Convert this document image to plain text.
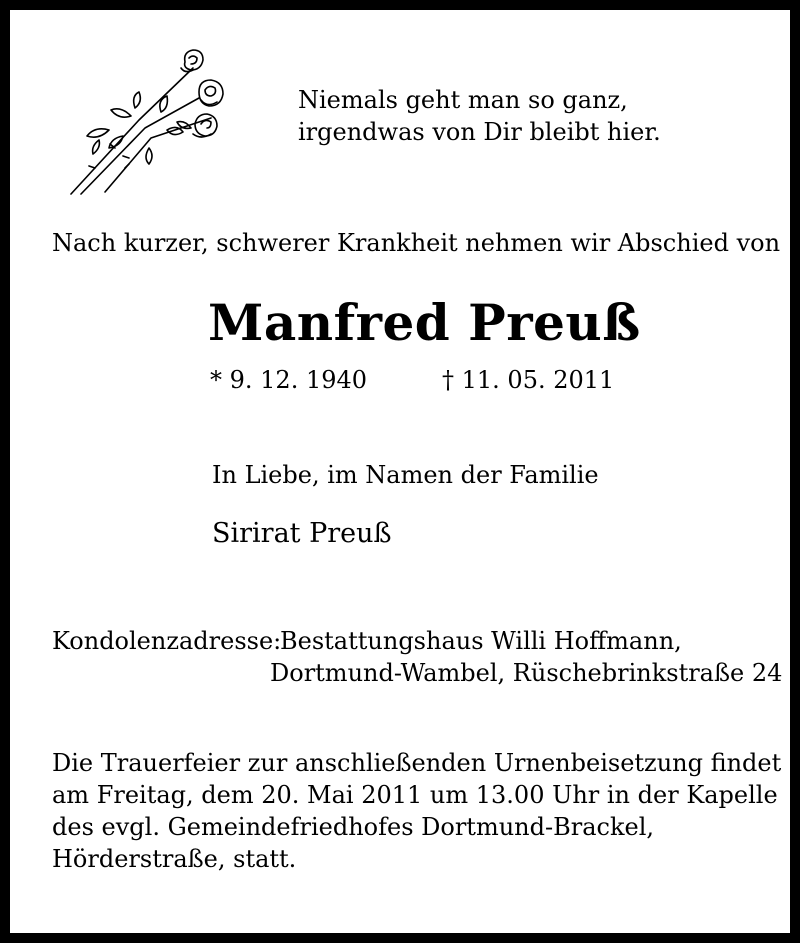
Niemals geht man so ganz,
irgendwas von Dir bleibt hier.
Nach kurzer, schwerer Krankheit nehmen wir Abschied von
Manfred Preuß
* 9. 12. 1940	† 11. 05. 2011
In Liebe, im Namen der Familie
Sirirat Preuß
Kondolenzadresse:
Bestattungshaus Willi Hoffmann,
Dortmund-Wambel, Rüschebrinkstraße 24
Die Trauerfeier zur anschließenden Urnenbeisetzung findet
am Freitag, dem 20. Mai 2011 um 13.00 Uhr in der Kapelle
des evgl. Gemeindefriedhofes Dortmund-Brackel,
Hörderstraße, statt.
